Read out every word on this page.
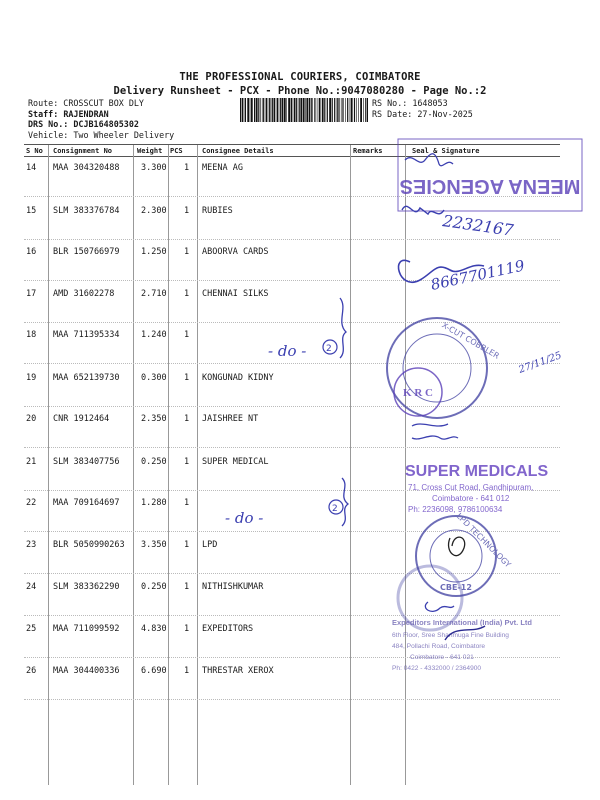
THE PROFESSIONAL COURIERS, COIMBATORE
Delivery Runsheet - PCX - Phone No.:9047080280 - Page No.:2
Route: CROSSCUT BOX DLY
Staff: RAJENDRAN
DRS No.: DCJB164805302
Vehicle: Two Wheeler Delivery
RS No.: 1648053
RS Date: 27-Nov-2025
S No Consignment No	Weight PCS	Consignee Details	Remarks	Seal & Signature
14 MAA 304320488	3.300 1 MEENA AG
15 SLM 383376784	2.300 1 RUBIES
16 BLR 150766979	1.250 1 ABOORVA CARDS
17 AMD 31602278	2.710 1 CHENNAI SILKS
18 MAA 711395334	1.240 1
19 MAA 652139730	0.300 1 KONGUNAD KIDNY
20 CNR 1912464	2.350 1 JAISHREE NT
21 SLM 383407756	0.250 1 SUPER MEDICAL
22 MAA 709164697	1.280 1
23 BLR 5050990263 3.350 1 LPD
24 SLM 383362290	0.250 1 NITHISHKUMAR
25 MAA 711099592	4.830 1 EXPEDITORS
26 MAA 304400336	6.690 1 THRESTAR XEROX
MEENA AGENCIES
2232167
8667701119
- do - 2	X-CUT COBBLER
K R C
27/11/25
SUPER MEDICALS
71, Cross Cut Road, Gandhipuram,
Coimbatore - 641 012
Ph: 2236098, 9786100634
- do -	2
LPD TECHNOLOGY
CBE-12
Expeditors International (India) Pvt. Ltd
6th Floor, Sree Shanmuga Fine Building
484, Pollachi Road, Coimbatore
Coimbatore - 641 021
Ph: 0422 - 4332000 / 2364900
